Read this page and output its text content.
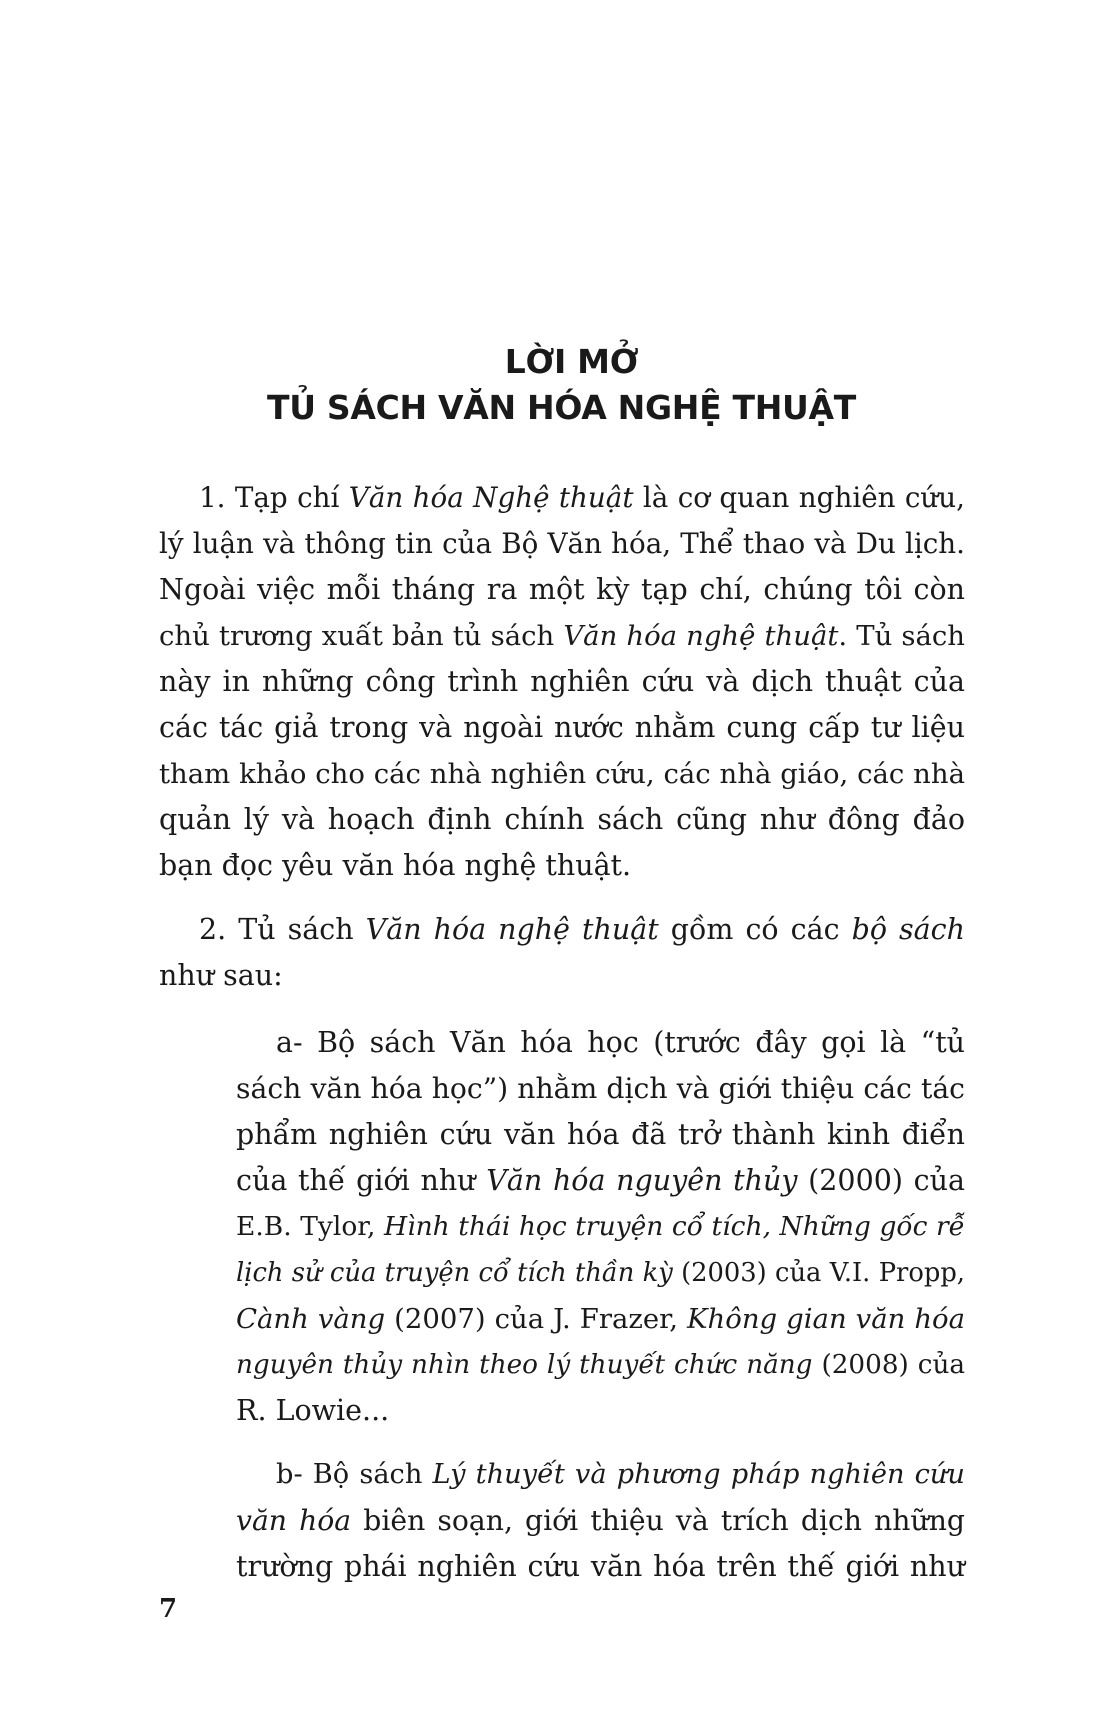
LỜI MỞ
TỦ SÁCH VĂN HÓA NGHỆ THUẬT
1. Tạp chí Văn hóa Nghệ thuật là cơ quan nghiên cứu,
lý luận và thông tin của Bộ Văn hóa, Thể thao và Du lịch.
Ngoài việc mỗi tháng ra một kỳ tạp chí, chúng tôi còn
chủ trương xuất bản tủ sách Văn hóa nghệ thuật. Tủ sách
này in những công trình nghiên cứu và dịch thuật của
các tác giả trong và ngoài nước nhằm cung cấp tư liệu
tham khảo cho các nhà nghiên cứu, các nhà giáo, các nhà
quản lý và hoạch định chính sách cũng như đông đảo
bạn đọc yêu văn hóa nghệ thuật.
2. Tủ sách Văn hóa nghệ thuật gồm có các bộ sách
như sau:
a- Bộ sách Văn hóa học (trước đây gọi là “tủ
sách văn hóa học”) nhằm dịch và giới thiệu các tác
phẩm nghiên cứu văn hóa đã trở thành kinh điển
của thế giới như Văn hóa nguyên thủy (2000) của
E.B. Tylor, Hình thái học truyện cổ tích, Những gốc rễ
lịch sử của truyện cổ tích thần kỳ (2003) của V.I. Propp,
Cành vàng (2007) của J. Frazer, Không gian văn hóa
nguyên thủy nhìn theo lý thuyết chức năng (2008) của
R. Lowie...
b- Bộ sách Lý thuyết và phương pháp nghiên cứu
văn hóa biên soạn, giới thiệu và trích dịch những
trường phái nghiên cứu văn hóa trên thế giới như
7
